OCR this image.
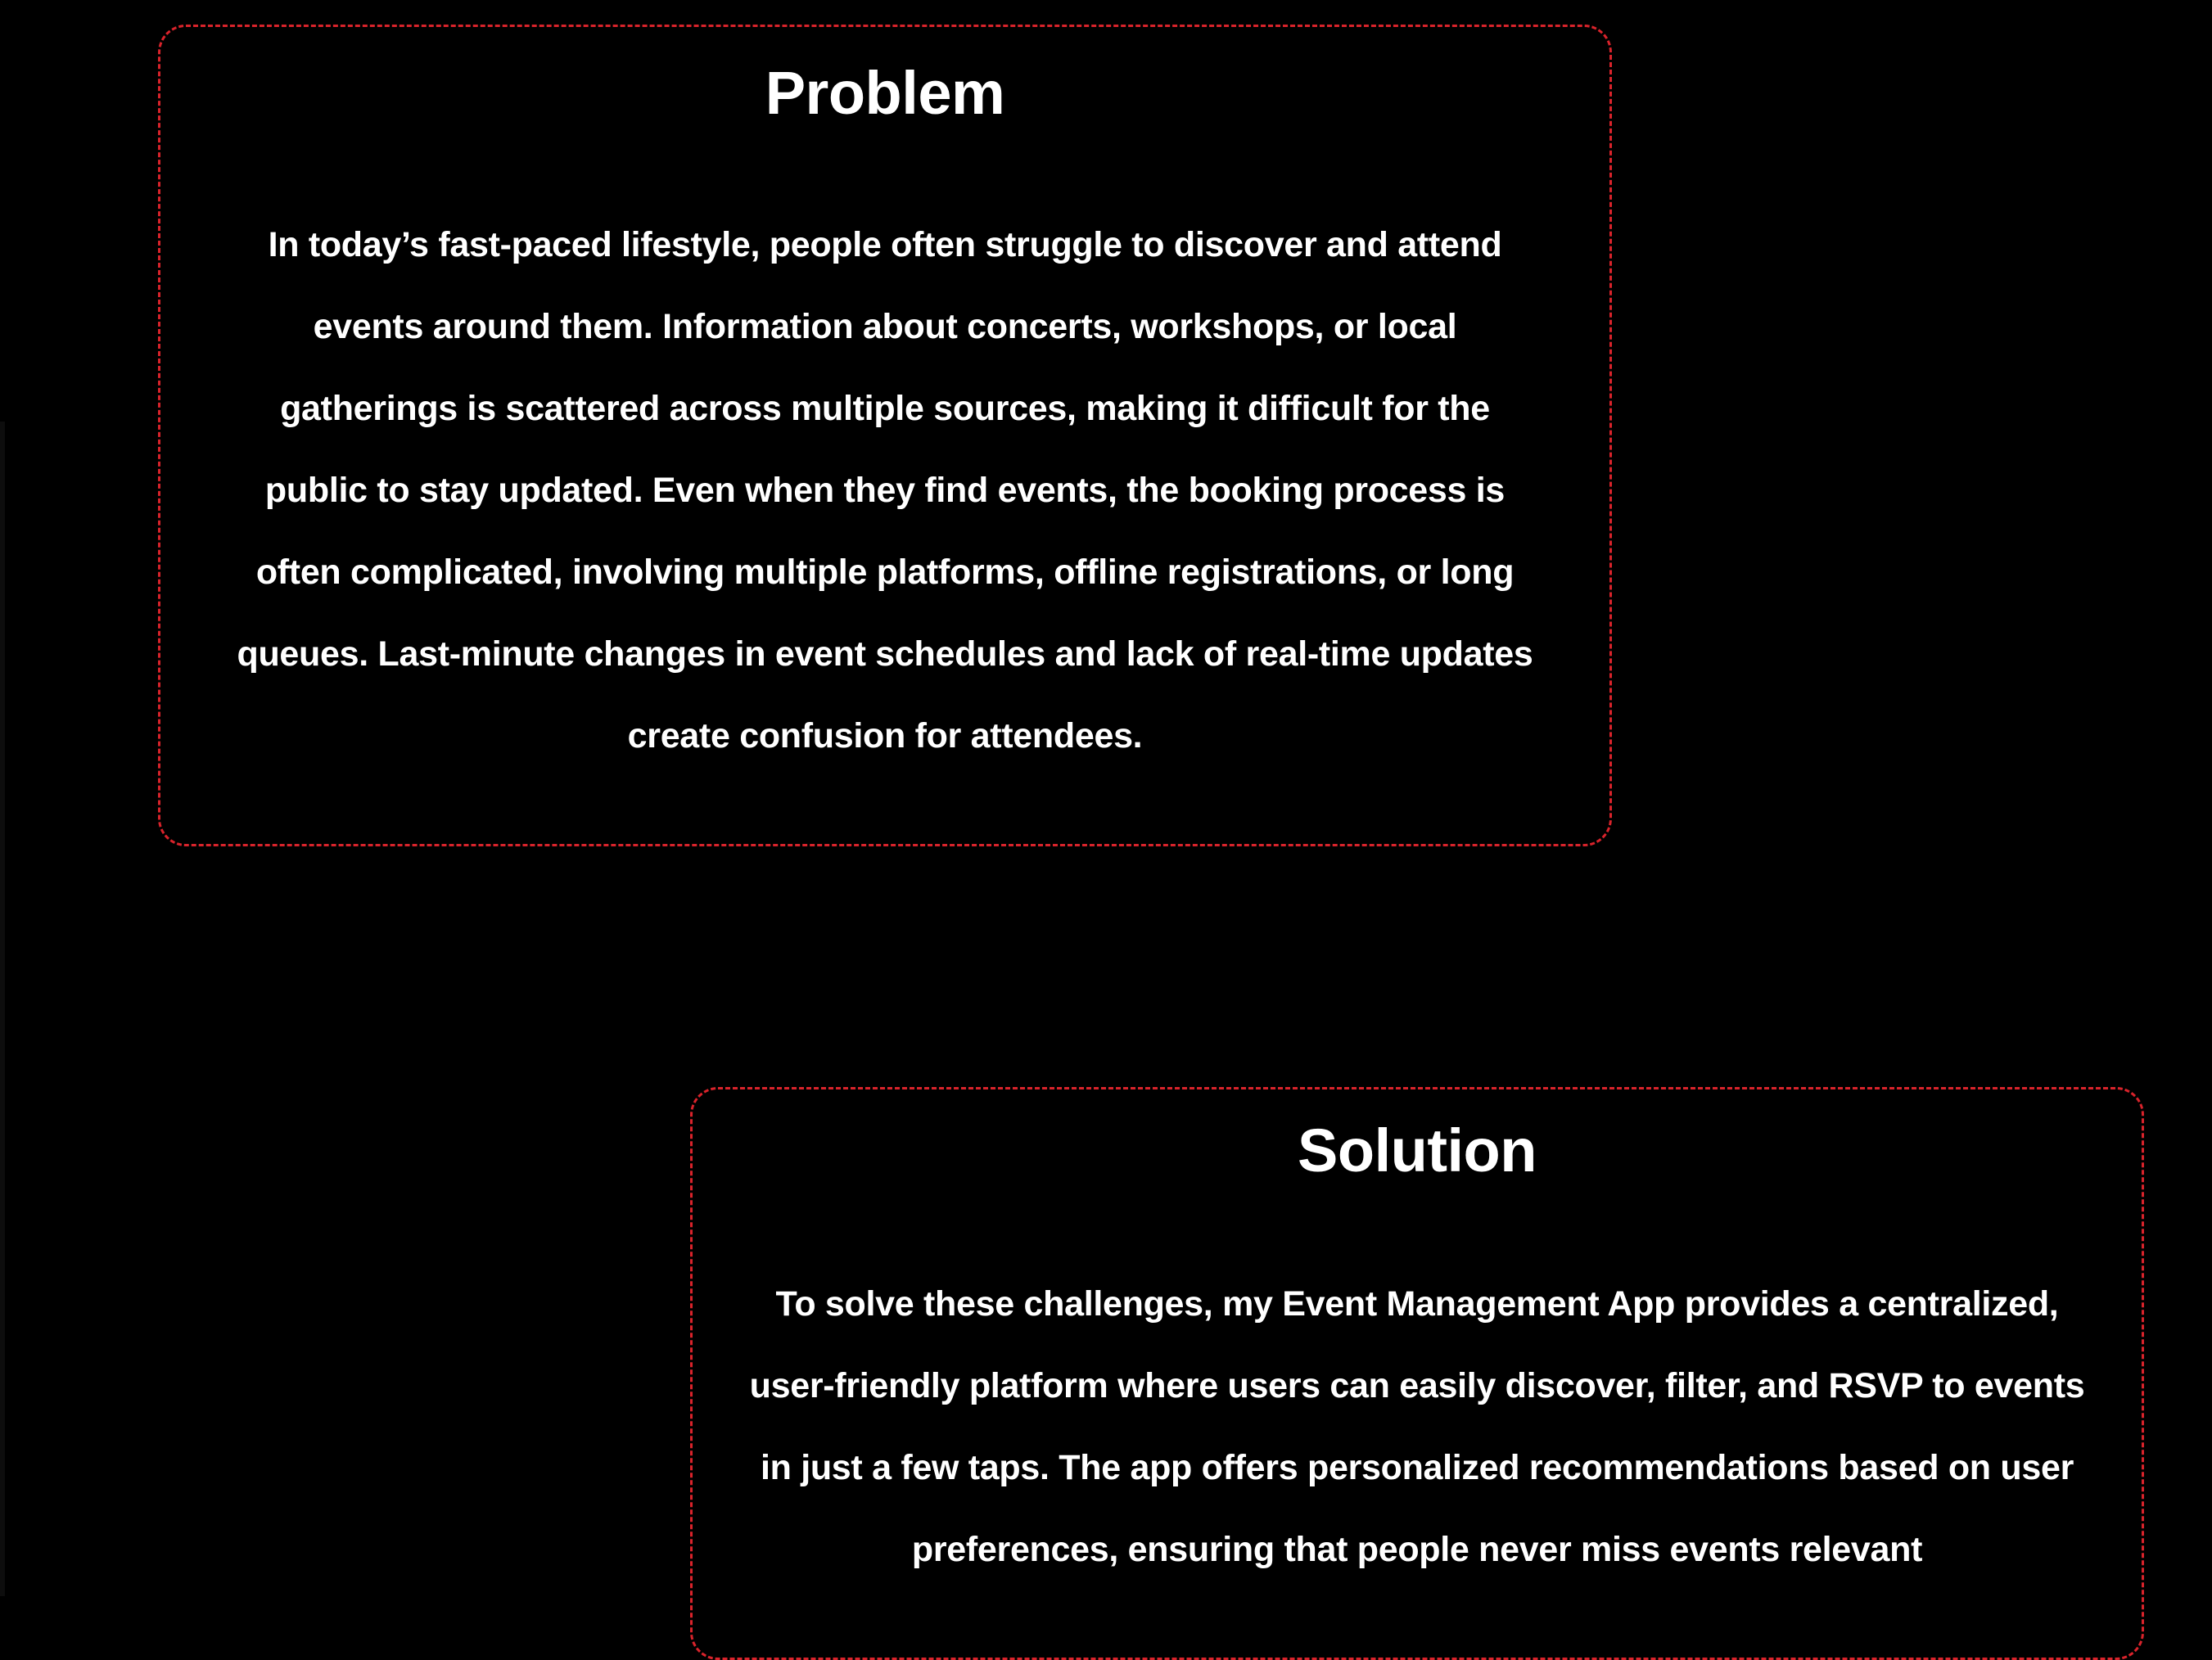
Problem

In today’s fast-paced lifestyle, people often struggle to discover and attend events around them. Information about concerts, workshops, or local gatherings is scattered across multiple sources, making it difficult for the public to stay updated. Even when they find events, the booking process is often complicated, involving multiple platforms, offline registrations, or long queues. Last-minute changes in event schedules and lack of real-time updates create confusion for attendees.

Solution

To solve these challenges, my Event Management App provides a centralized, user-friendly platform where users can easily discover, filter, and RSVP to events in just a few taps. The app offers personalized recommendations based on user preferences, ensuring that people never miss events relevant
